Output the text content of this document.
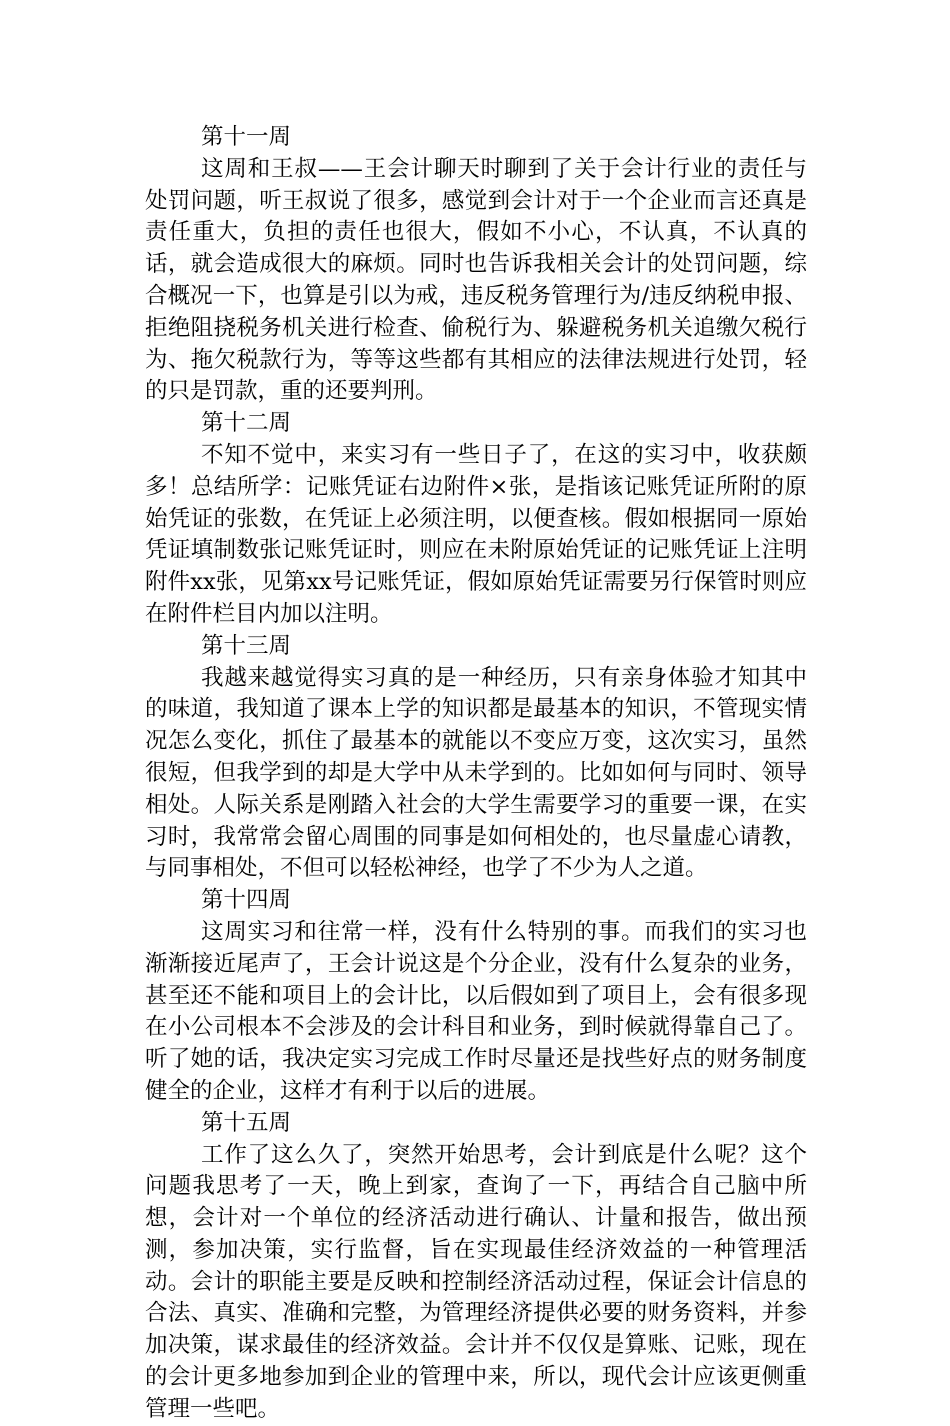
第十一周

这周和王叔——王会计聊天时聊到了关于会计行业的责任与处罚问题，听王叔说了很多，感觉到会计对于一个企业而言还真是责任重大，负担的责任也很大，假如不小心，不认真，不认真的话，就会造成很大的麻烦。同时也告诉我相关会计的处罚问题，综合概况一下，也算是引以为戒，违反税务管理行为/违反纳税申报、拒绝阻挠税务机关进行检查、偷税行为、躲避税务机关追缴欠税行为、拖欠税款行为，等等这些都有其相应的法律法规进行处罚，轻的只是罚款，重的还要判刑。

第十二周

不知不觉中，来实习有一些日子了，在这的实习中，收获颇多！总结所学：记账凭证右边附件×张，是指该记账凭证所附的原始凭证的张数，在凭证上必须注明，以便查核。假如根据同一原始凭证填制数张记账凭证时，则应在未附原始凭证的记账凭证上注明附件xx张，见第xx号记账凭证，假如原始凭证需要另行保管时则应在附件栏目内加以注明。

第十三周

我越来越觉得实习真的是一种经历，只有亲身体验才知其中的味道，我知道了课本上学的知识都是最基本的知识，不管现实情况怎么变化，抓住了最基本的就能以不变应万变，这次实习，虽然很短，但我学到的却是大学中从未学到的。比如如何与同时、领导相处。人际关系是刚踏入社会的大学生需要学习的重要一课，在实习时，我常常会留心周围的同事是如何相处的，也尽量虚心请教，与同事相处，不但可以轻松神经，也学了不少为人之道。

第十四周

这周实习和往常一样，没有什么特别的事。而我们的实习也渐渐接近尾声了，王会计说这是个分企业，没有什么复杂的业务，甚至还不能和项目上的会计比，以后假如到了项目上，会有很多现在小公司根本不会涉及的会计科目和业务，到时候就得靠自己了。听了她的话，我决定实习完成工作时尽量还是找些好点的财务制度健全的企业，这样才有利于以后的进展。

第十五周

工作了这么久了，突然开始思考，会计到底是什么呢？这个问题我思考了一天，晚上到家，查询了一下，再结合自己脑中所想，会计对一个单位的经济活动进行确认、计量和报告，做出预测，参加决策，实行监督，旨在实现最佳经济效益的一种管理活动。会计的职能主要是反映和控制经济活动过程，保证会计信息的合法、真实、准确和完整，为管理经济提供必要的财务资料，并参加决策，谋求最佳的经济效益。会计并不仅仅是算账、记账，现在的会计更多地参加到企业的管理中来，所以，现代会计应该更侧重管理一些吧。
